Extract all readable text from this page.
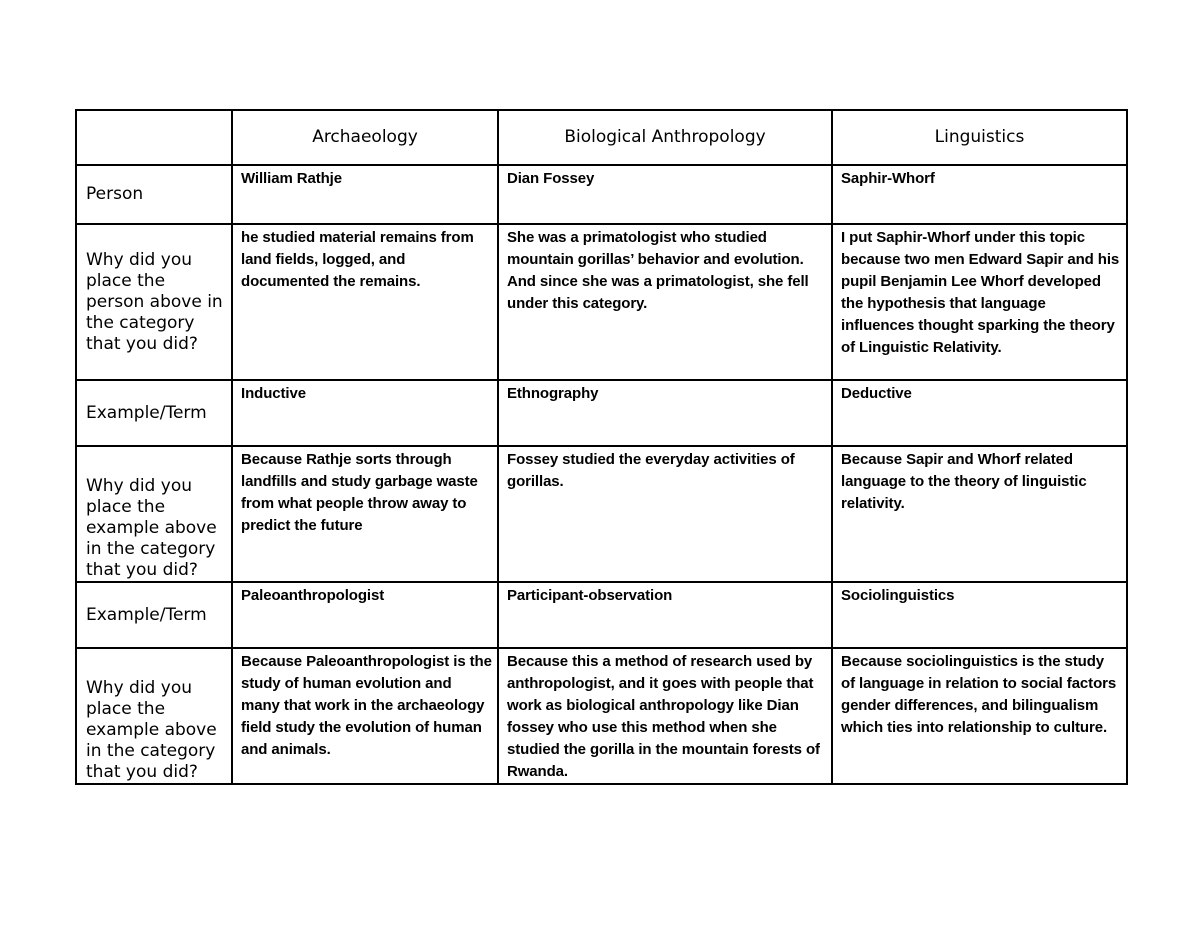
	Archaeology	Biological Anthropology	Linguistics
Person	William Rathje	Dian Fossey	Saphir-Whorf
Why did you place the person above in the category that you did?	he studied material remains from land fields, logged, and documented the remains.	She was a primatologist who studied mountain gorillas’ behavior and evolution. And since she was a primatologist, she fell under this category.	I put Saphir-Whorf under this topic because two men Edward Sapir and his pupil Benjamin Lee Whorf developed the hypothesis that language influences thought sparking the theory of Linguistic Relativity.
Example/Term	Inductive	Ethnography	Deductive
Why did you place the example above in the category that you did?	Because Rathje sorts through landfills and study garbage waste from what people throw away to predict the future	Fossey studied the everyday activities of gorillas.	Because Sapir and Whorf related language to the theory of linguistic relativity.
Example/Term	Paleoanthropologist	Participant-observation	Sociolinguistics
Why did you place the example above in the category that you did?	Because Paleoanthropologist is the study of human evolution and many that work in the archaeology field study the evolution of human and animals.	Because this a method of research used by anthropologist, and it goes with people that work as biological anthropology like Dian fossey who use this method when she studied the gorilla in the mountain forests of Rwanda.	Because sociolinguistics is the study of language in relation to social factors gender differences, and bilingualism which ties into relationship to culture.
